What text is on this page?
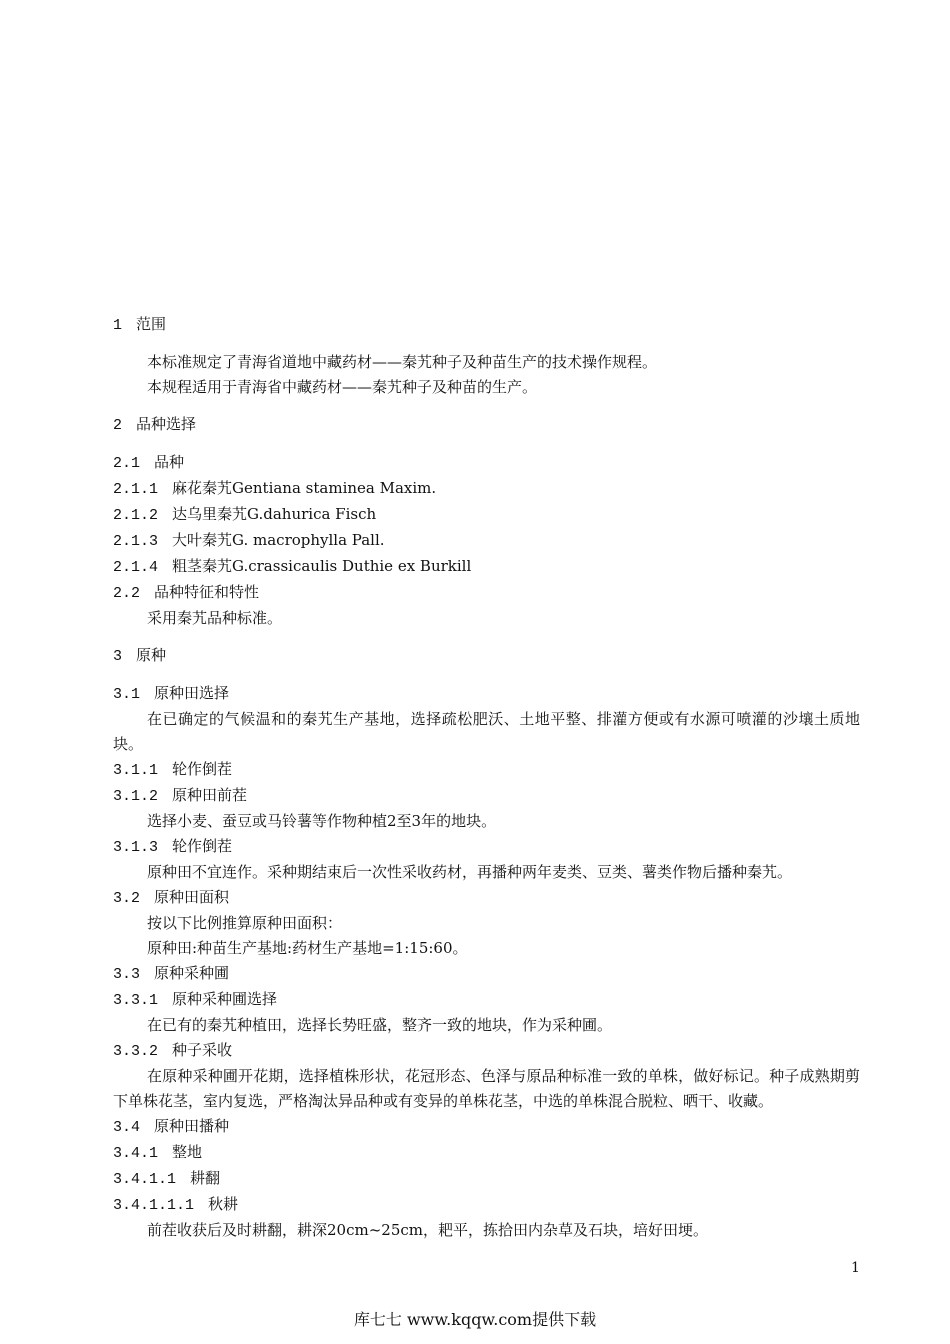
1 范围
本标准规定了青海省道地中藏药材——秦艽种子及种苗生产的技术操作规程。
本规程适用于青海省中藏药材——秦艽种子及种苗的生产。
2 品种选择
2.1 品种
2.1.1 麻花秦艽Gentiana staminea Maxim.
2.1.2 达乌里秦艽G.dahurica Fisch
2.1.3 大叶秦艽G. macrophylla Pall.
2.1.4 粗茎秦艽G.crassicaulis Duthie ex Burkill
2.2 品种特征和特性
采用秦艽品种标准。
3 原种
3.1 原种田选择
在已确定的气候温和的秦艽生产基地，选择疏松肥沃、土地平整、排灌方便或有水源可喷灌的沙壤土质地块。
3.1.1 轮作倒茬
3.1.2 原种田前茬
选择小麦、蚕豆或马铃薯等作物种植2至3年的地块。
3.1.3 轮作倒茬
原种田不宜连作。采种期结束后一次性采收药材，再播种两年麦类、豆类、薯类作物后播种秦艽。
3.2 原种田面积
按以下比例推算原种田面积：
原种田:种苗生产基地:药材生产基地=1:15:60。
3.3 原种采种圃
3.3.1 原种采种圃选择
在已有的秦艽种植田，选择长势旺盛，整齐一致的地块，作为采种圃。
3.3.2 种子采收
在原种采种圃开花期，选择植株形状，花冠形态、色泽与原品种标准一致的单株，做好标记。种子成熟期剪下单株花茎，室内复选，严格淘汰异品种或有变异的单株花茎，中选的单株混合脱粒、晒干、收藏。
3.4 原种田播种
3.4.1 整地
3.4.1.1 耕翻
3.4.1.1.1 秋耕
前茬收获后及时耕翻，耕深20cm~25cm，耙平，拣拾田内杂草及石块，培好田埂。
1
库七七 www.kqqw.com提供下载
